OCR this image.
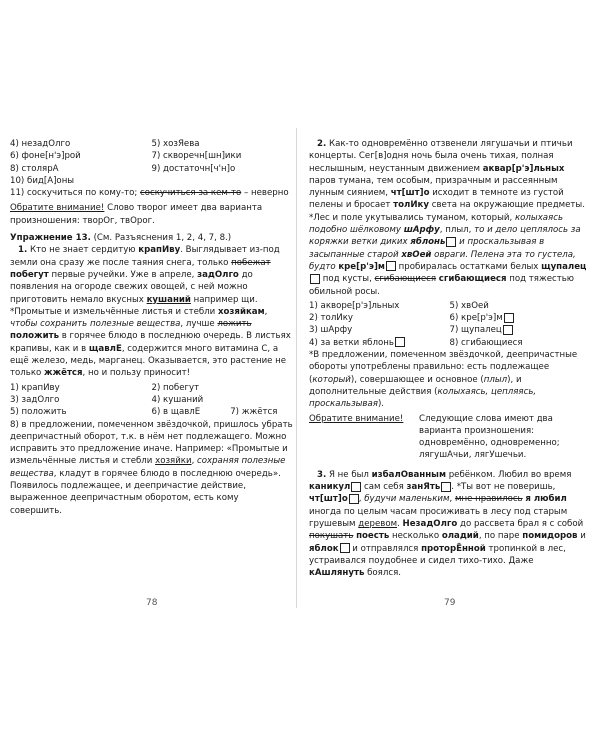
4) незадОлго
6) фоне[н'э]рой
8) столярА
10) бид[А]оны
5) хозЯева
7) скворечн[шн]ики
9) достаточн[ч'н]о

11) соскучиться по кому-то; соскучиться за кем-то – неверно

Обратите внимание! Слово творог имеет два варианта произношения: творОг, твОрог.

Упражнение 13. (См. Разъяснения 1, 2, 4, 7, 8.)

1. Кто не знает сердитую крапИву. Выглядывает из-под земли она сразу же после таяния снега, только побежат побегут первые ручейки. Уже в апреле, задОлго до появления на огороде свежих овощей, с ней можно приготовить немало вкусных кушаний например щи. *Промытые и измельчённые листья и стебли хозяйкам, чтобы сохранить полезные вещества, лучше ложить положить в горячее блюдо в последнюю очередь. В листьях крапивы, как и в щавлЕ, содержится много витамина С, а ещё железо, медь, марганец. Оказывается, это растение не только жжётся, но и пользу приносит!

1) крапИву
3) задОлго
5) положить
2) побегут
4) кушаний
6) в щавлЕ	7) жжётся

8) в предложении, помеченном звёздочкой, пришлось убрать деепричастный оборот, т.к. в нём нет подлежащего. Можно исправить это предложение иначе. Например: «Промытые и измельчённые листья и стебли хозяйки, сохраняя полезные вещества, кладут в горячее блюдо в последнюю очередь». Появилось подлежащее, и деепричастие действие, выраженное деепричастным оборотом, есть кому совершить.

78

2. Как-то одновремённо отзвенели лягушачьи и птичьи концерты. Сег[в]одня ночь была очень тихая, полная неслышным, неустанным движением аквар[р'э]льных паров тумана, тем особым, призрачным и рассеянным лунным сиянием, чт[шт]о исходит в темноте из густой пелены и бросает толИку света на окружающие предметы. *Лес и поле укутывались туманом, который, колыхаясь подобно шёлковому шАрфу, плыл, то и дело цеплялось за коряжки ветки диких яблонь и проскальзывая в засыпанные старой хвОей овраги. Пелена эта то густела, будто кре[р'э]м пробиралась остатками белых щупалец под кусты, сгибающиеся сгибающиеся под тяжестью обильной росы.

1) акворе[р'э]льных
2) толИку
3) шАрфу
4) за ветки яблонь
5) хвОей
6) кре[р'э]м
7) щупалец
8) сгибающиеся

*В предложении, помеченном звёздочкой, деепричастные обороты употреблены правильно: есть подлежащее (который), совершающее и основное (плыл), и дополнительные действия (колыхаясь, цепляясь, проскальзывая).

Обратите внимание!	Следующие слова имеют два варианта произношения: одновремённо, одновременно; лягушАчьи, лягУшечьи.

3. Я не был избалОванным ребёнком. Любил во время каникул сам себя занЯть . *Ты вот не поверишь, чт[шт]о , будучи маленьким, мне нравилось я любил иногда по целым часам просиживать в лесу под старым грушевым деревом. НезадОлго до рассвета брал я с собой покушать поесть несколько оладий, по паре помидоров и яблок и отправлялся проторЁнной тропинкой в лес, устраивался поудобнее и сидел тихо-тихо. Даже кАшлянуть боялся.

79
